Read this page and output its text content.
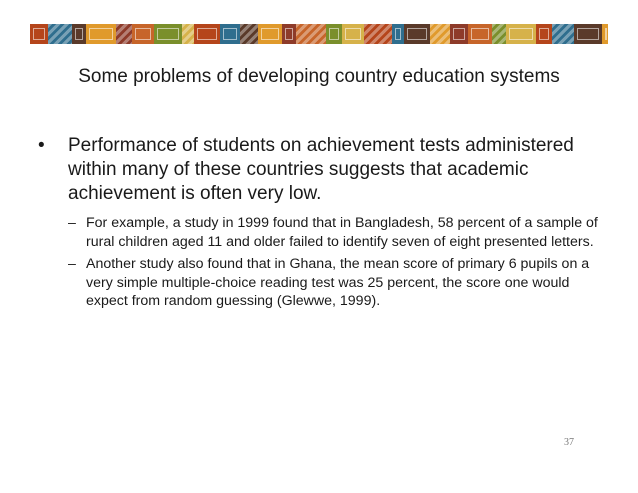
Some problems of developing country education systems
•	Performance of students on achievement tests administered within many of these countries suggests that academic achievement is often very low.
– For example, a study in 1999 found that in Bangladesh, 58 percent of a sample of rural children aged 11 and older failed to identify seven of eight presented letters.
– Another study also found that in Ghana, the mean score of primary 6 pupils on a very simple multiple-choice reading test was 25 percent, the score one would expect from random guessing (Glewwe, 1999).
37
